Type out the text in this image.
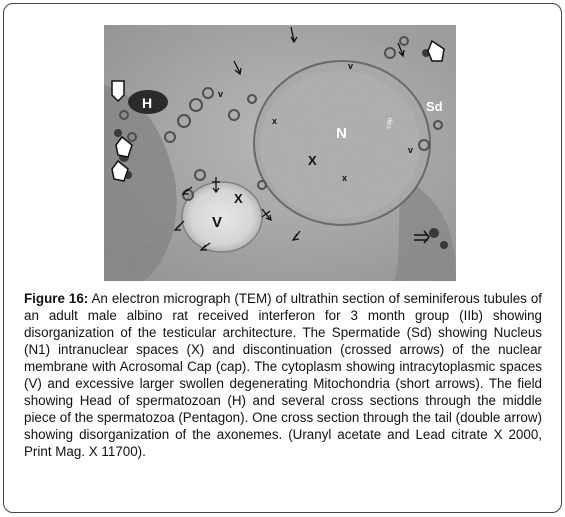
H
N
Sd
V
X
X
x
x
v
v
v
cap

Figure 16: An electron micrograph (TEM) of ultrathin section of seminiferous tubules of an adult male albino rat received interferon for 3 month group (IIb) showing disorganization of the testicular architecture. The Spermatide (Sd) showing Nucleus (N1) intranuclear spaces (X) and discontinuation (crossed arrows) of the nuclear membrane with Acrosomal Cap (cap). The cytoplasm showing intracytoplasmic spaces (V) and excessive larger swollen degenerating Mitochondria (short arrows). The field showing Head of spermatozoan (H) and several cross sections through the middle piece of the spermatozoa (Pentagon). One cross section through the tail (double arrow) showing disorganization of the axonemes. (Uranyl acetate and Lead citrate X 2000, Print Mag. X 11700).
